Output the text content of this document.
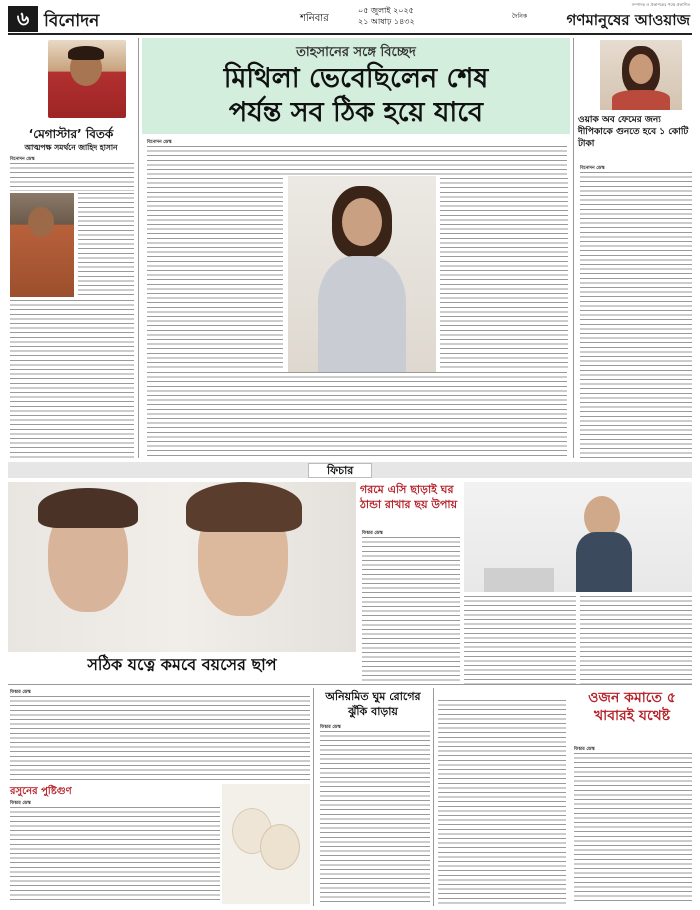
৬ বিনোদন	শনিবার
০৫ জুলাই ২০২৫
২১ আষাঢ় ১৪৩২
সম্পাদক ও প্রকাশকের পক্ষে প্রকাশিত
দৈনিক	গণমানুষের আওয়াজ
‘মেগাস্টার’ বিতর্ক
আত্মপক্ষ সমর্থনে জাহিদ হাসান
বিনোদন ডেস্ক
তাহসানের সঙ্গে বিচ্ছেদ
মিথিলা ভেবেছিলেন শেষ
পর্যন্ত সব ঠিক হয়ে যাবে
বিনোদন ডেস্ক
ওয়াক অব ফেমের জন্য দীপিকাকে গুনতে হবে ১ কোটি টাকা
বিনোদন ডেস্ক
ফিচার
গরমে এসি ছাড়াই ঘর ঠান্ডা রাখার ছয় উপায়
ফিচার ডেস্ক
সঠিক যত্নে কমবে বয়সের ছাপ
ফিচার ডেস্ক
রসুনের পুষ্টিগুণ
ফিচার ডেস্ক
অনিয়মিত ঘুম রোগের ঝুঁকি বাড়ায়
ফিচার ডেস্ক
ওজন কমাতে ৫ খাবারই যথেষ্ট
ফিচার ডেস্ক
